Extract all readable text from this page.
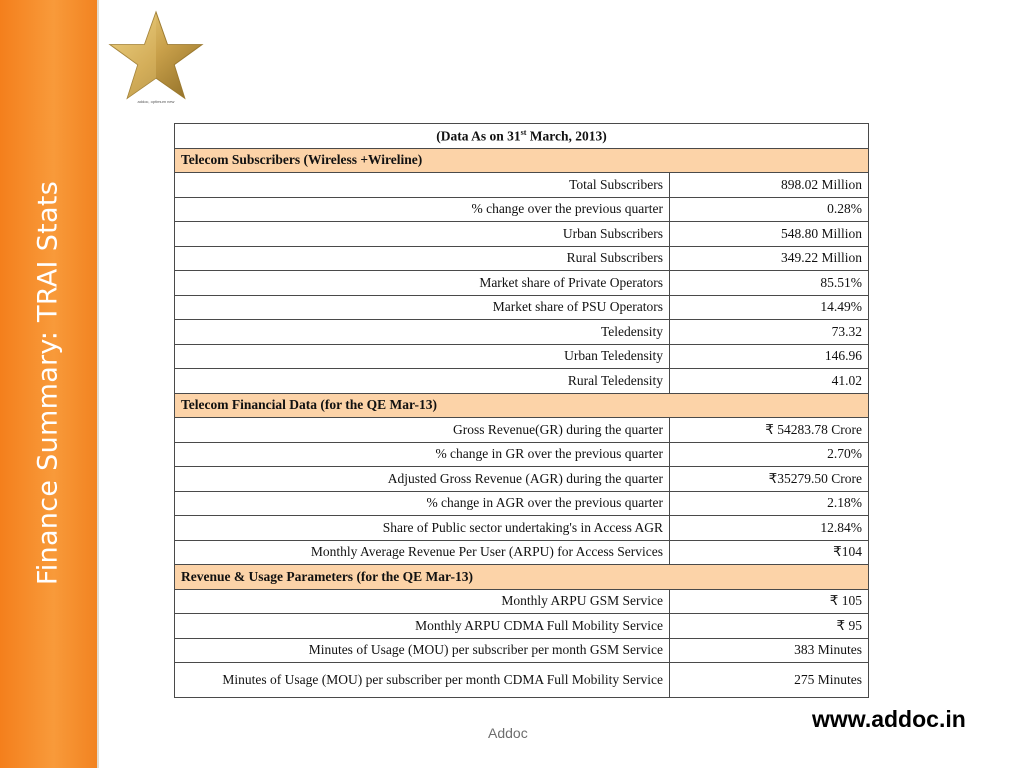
Finance Summary: TRAI Stats
addoc, optimum new
(Data As on 31st March, 2013)	
Telecom Subscribers (Wireless +Wireline)	
Total Subscribers	898.02 Million
% change over the previous quarter	0.28%
Urban Subscribers	548.80 Million
Rural Subscribers	349.22 Million
Market share of Private Operators	85.51%
Market share of PSU Operators	14.49%
Teledensity	73.32
Urban Teledensity	146.96
Rural Teledensity	41.02
Telecom Financial Data (for the QE Mar-13)	
Gross Revenue(GR) during the quarter	₹ 54283.78 Crore
% change in GR over the previous quarter	2.70%
Adjusted Gross Revenue (AGR) during the quarter	₹35279.50 Crore
% change in AGR over the previous quarter	2.18%
Share of Public sector undertaking's in Access AGR	12.84%
Monthly Average Revenue Per User (ARPU) for Access Services	₹104
Revenue & Usage Parameters (for the QE Mar-13)	
Monthly ARPU GSM Service	₹ 105
Monthly ARPU CDMA Full Mobility Service	₹ 95
Minutes of Usage (MOU) per subscriber per month GSM Service	383 Minutes
Minutes of Usage (MOU) per subscriber per month CDMA Full Mobility Service	275 Minutes
Addoc
www.addoc.in
